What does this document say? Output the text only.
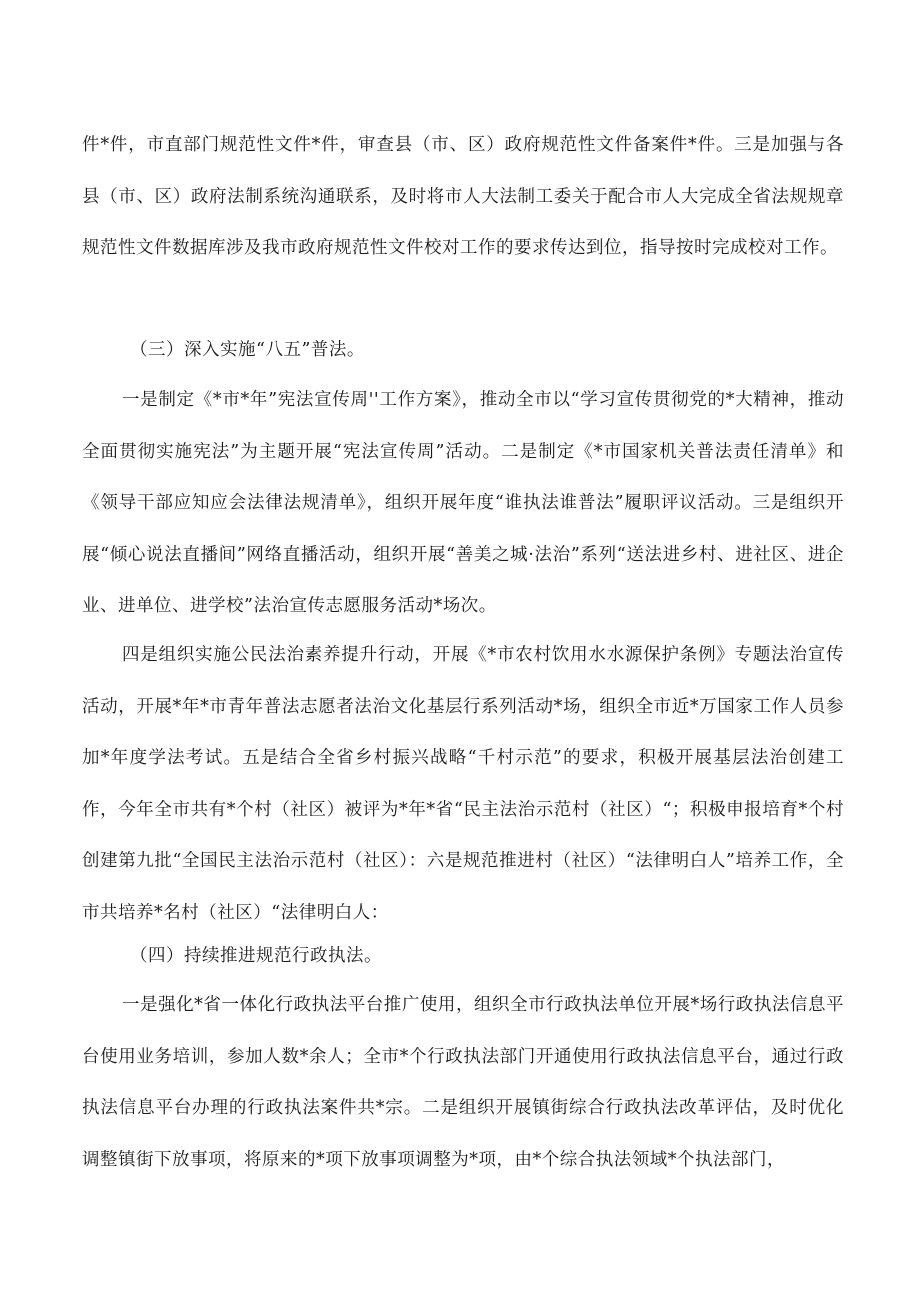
件*件，市直部门规范性文件*件，审查县（市、区）政府规范性文件备案件*件。三是加强与各县（市、区）政府法制系统沟通联系，及时将市人大法制工委关于配合市人大完成全省法规规章规范性文件数据库涉及我市政府规范性文件校对工作的要求传达到位，指导按时完成校对工作。

（三）深入实施“八五”普法。

一是制定《*市*年”宪法宣传周''工作方案》，推动全市以“学习宣传贯彻党的*大精神，推动全面贯彻实施宪法”为主题开展“宪法宣传周”活动。二是制定《*市国家机关普法责任清单》和《领导干部应知应会法律法规清单》，组织开展年度“谁执法谁普法”履职评议活动。三是组织开展“倾心说法直播间”网络直播活动，组织开展“善美之城·法治”系列“送法进乡村、进社区、进企业、进单位、进学校”法治宣传志愿服务活动*场次。

四是组织实施公民法治素养提升行动，开展《*市农村饮用水水源保护条例》专题法治宣传活动，开展*年*市青年普法志愿者法治文化基层行系列活动*场，组织全市近*万国家工作人员参加*年度学法考试。五是结合全省乡村振兴战略“千村示范”的要求，积极开展基层法治创建工作，今年全市共有*个村（社区）被评为*年*省“民主法治示范村（社区）“；积极申报培育*个村创建第九批“全国民主法治示范村（社区）：六是规范推进村（社区）“法律明白人”培养工作，全市共培养*名村（社区）“法律明白人：

（四）持续推进规范行政执法。

一是强化*省一体化行政执法平台推广使用，组织全市行政执法单位开展*场行政执法信息平台使用业务培训，参加人数*余人；全市*个行政执法部门开通使用行政执法信息平台，通过行政执法信息平台办理的行政执法案件共*宗。二是组织开展镇街综合行政执法改革评估，及时优化调整镇街下放事项，将原来的*项下放事项调整为*项，由*个综合执法领域*个执法部门，
